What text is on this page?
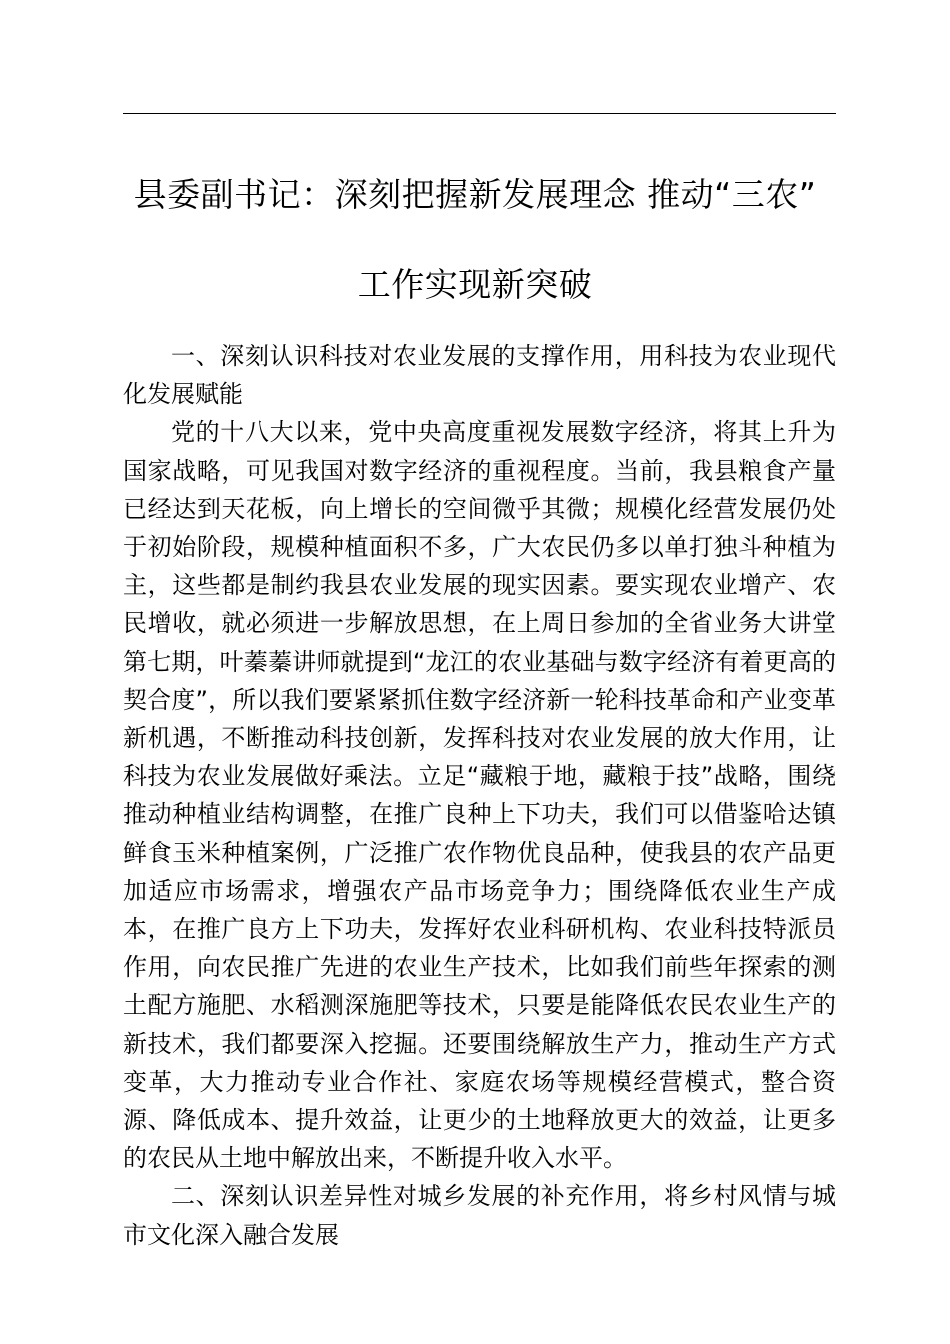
县委副书记：深刻把握新发展理念 推动“三农”
工作实现新突破

一、深刻认识科技对农业发展的支撑作用，用科技为农业现代化发展赋能

党的十八大以来，党中央高度重视发展数字经济，将其上升为国家战略，可见我国对数字经济的重视程度。当前，我县粮食产量已经达到天花板，向上增长的空间微乎其微；规模化经营发展仍处于初始阶段，规模种植面积不多，广大农民仍多以单打独斗种植为主，这些都是制约我县农业发展的现实因素。要实现农业增产、农民增收，就必须进一步解放思想，在上周日参加的全省业务大讲堂第七期，叶蓁蓁讲师就提到“龙江的农业基础与数字经济有着更高的契合度”，所以我们要紧紧抓住数字经济新一轮科技革命和产业变革新机遇，不断推动科技创新，发挥科技对农业发展的放大作用，让科技为农业发展做好乘法。立足“藏粮于地，藏粮于技”战略，围绕推动种植业结构调整，在推广良种上下功夫，我们可以借鉴哈达镇鲜食玉米种植案例，广泛推广农作物优良品种，使我县的农产品更加适应市场需求，增强农产品市场竞争力；围绕降低农业生产成本，在推广良方上下功夫，发挥好农业科研机构、农业科技特派员作用，向农民推广先进的农业生产技术，比如我们前些年探索的测土配方施肥、水稻测深施肥等技术，只要是能降低农民农业生产的新技术，我们都要深入挖掘。还要围绕解放生产力，推动生产方式变革，大力推动专业合作社、家庭农场等规模经营模式，整合资源、降低成本、提升效益，让更少的土地释放更大的效益，让更多的农民从土地中解放出来，不断提升收入水平。

二、深刻认识差异性对城乡发展的补充作用，将乡村风情与城市文化深入融合发展
